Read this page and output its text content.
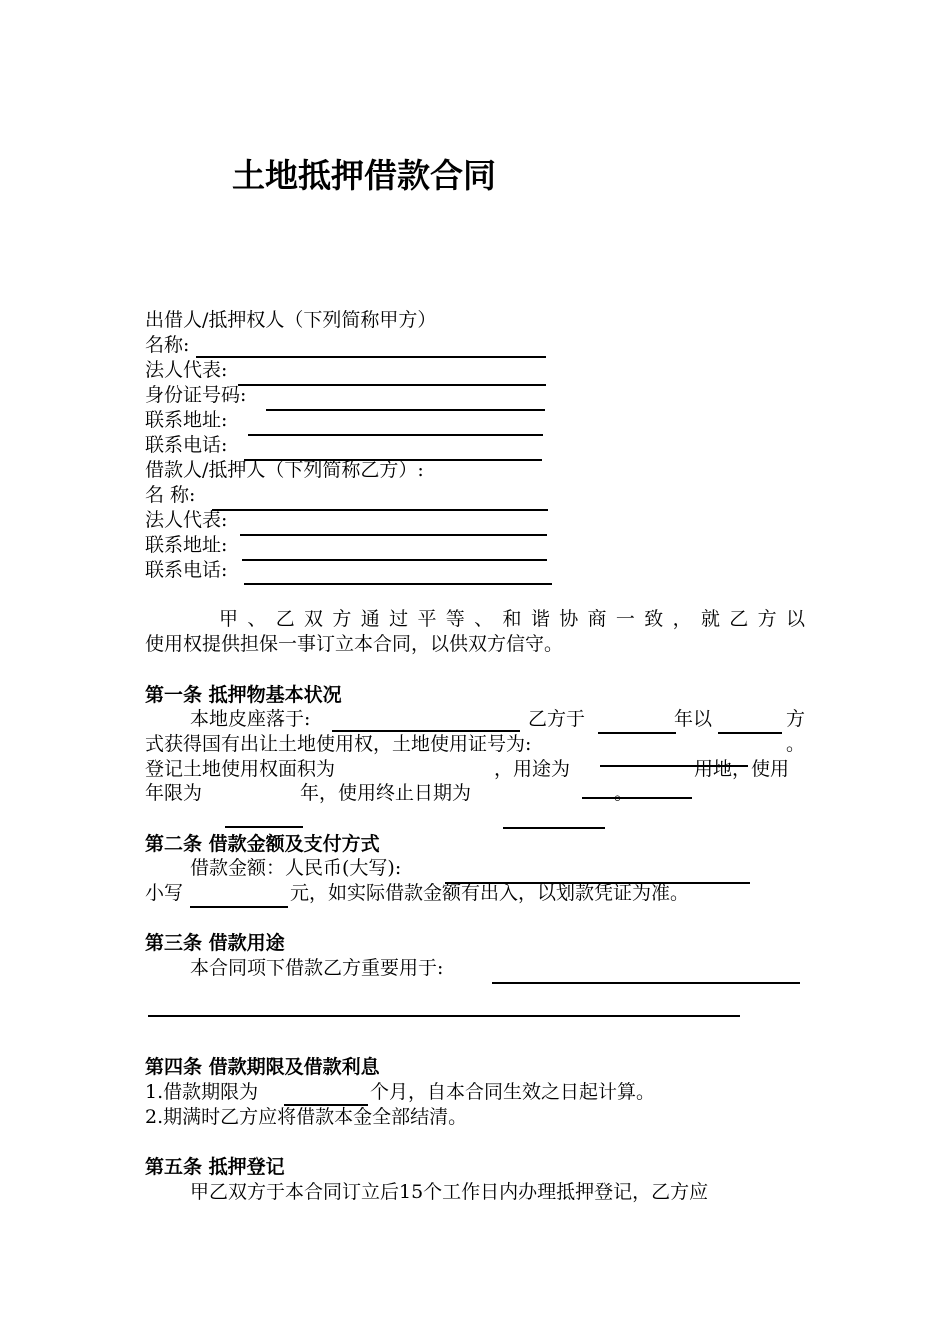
土地抵押借款合同
出借人/抵押权人（下列简称甲方）
名称:
法人代表:
身份证号码:
联系地址:
联系电话:
借款人/抵押人（下列简称乙方）:
名 称:
法人代表:
联系地址:
联系电话:
甲、乙双方通过平等、和谐协商一致，就乙方以
使用权提供担保一事订立本合同，以供双方信守。
第一条 抵押物基本状况
本地皮座落于:	乙方于	年以	方
式获得国有出让土地使用权，土地使用证号为:	。
登记土地使用权面积为	，用途为	用地，使用
年限为	年，使用终止日期为	。
第二条 借款金额及支付方式
借款金额：人民币(大写):
小写	元，如实际借款金额有出入，以划款凭证为准。
第三条 借款用途
本合同项下借款乙方重要用于:
第四条 借款期限及借款利息
1.借款期限为	个月，自本合同生效之日起计算。
2.期满时乙方应将借款本金全部结清。
第五条 抵押登记
甲乙双方于本合同订立后15个工作日内办理抵押登记，乙方应
